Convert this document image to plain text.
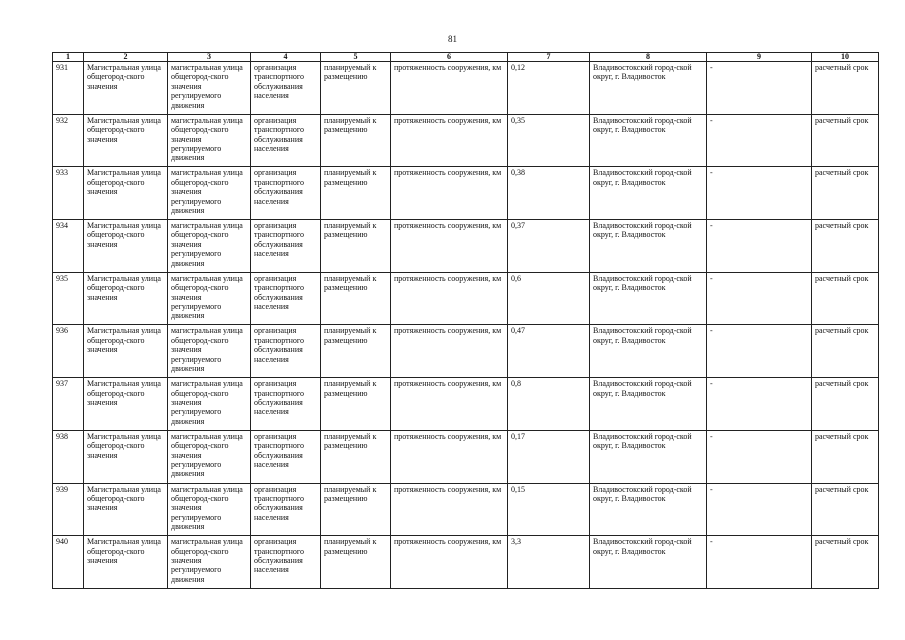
81
1	2	3	4	5	6	7	8	9	10
931	Магистральная улица общегород-ского значения	магистральная улица общегород-ского значения регулируемого движения	организация транспортного обслуживания населения	планируемый к размещению	протяженность сооружения, км	0,12	Владивостокский город-ской округ, г. Владивосток	-	расчетный срок
932	Магистральная улица общегород-ского значения	магистральная улица общегород-ского значения регулируемого движения	организация транспортного обслуживания населения	планируемый к размещению	протяженность сооружения, км	0,35	Владивостокский город-ской округ, г. Владивосток	-	расчетный срок
933	Магистральная улица общегород-ского значения	магистральная улица общегород-ского значения регулируемого движения	организация транспортного обслуживания населения	планируемый к размещению	протяженность сооружения, км	0,38	Владивостокский город-ской округ, г. Владивосток	-	расчетный срок
934	Магистральная улица общегород-ского значения	магистральная улица общегород-ского значения регулируемого движения	организация транспортного обслуживания населения	планируемый к размещению	протяженность сооружения, км	0,37	Владивостокский город-ской округ, г. Владивосток	-	расчетный срок
935	Магистральная улица общегород-ского значения	магистральная улица общегород-ского значения регулируемого движения	организация транспортного обслуживания населения	планируемый к размещению	протяженность сооружения, км	0,6	Владивостокский город-ской округ, г. Владивосток	-	расчетный срок
936	Магистральная улица общегород-ского значения	магистральная улица общегород-ского значения регулируемого движения	организация транспортного обслуживания населения	планируемый к размещению	протяженность сооружения, км	0,47	Владивостокский город-ской округ, г. Владивосток	-	расчетный срок
937	Магистральная улица общегород-ского значения	магистральная улица общегород-ского значения регулируемого движения	организация транспортного обслуживания населения	планируемый к размещению	протяженность сооружения, км	0,8	Владивостокский город-ской округ, г. Владивосток	-	расчетный срок
938	Магистральная улица общегород-ского значения	магистральная улица общегород-ского значения регулируемого движения	организация транспортного обслуживания населения	планируемый к размещению	протяженность сооружения, км	0,17	Владивостокский город-ской округ, г. Владивосток	-	расчетный срок
939	Магистральная улица общегород-ского значения	магистральная улица общегород-ского значения регулируемого движения	организация транспортного обслуживания населения	планируемый к размещению	протяженность сооружения, км	0,15	Владивостокский город-ской округ, г. Владивосток	-	расчетный срок
940	Магистральная улица общегород-ского значения	магистральная улица общегород-ского значения регулируемого движения	организация транспортного обслуживания населения	планируемый к размещению	протяженность сооружения, км	3,3	Владивостокский город-ской округ, г. Владивосток	-	расчетный срок
